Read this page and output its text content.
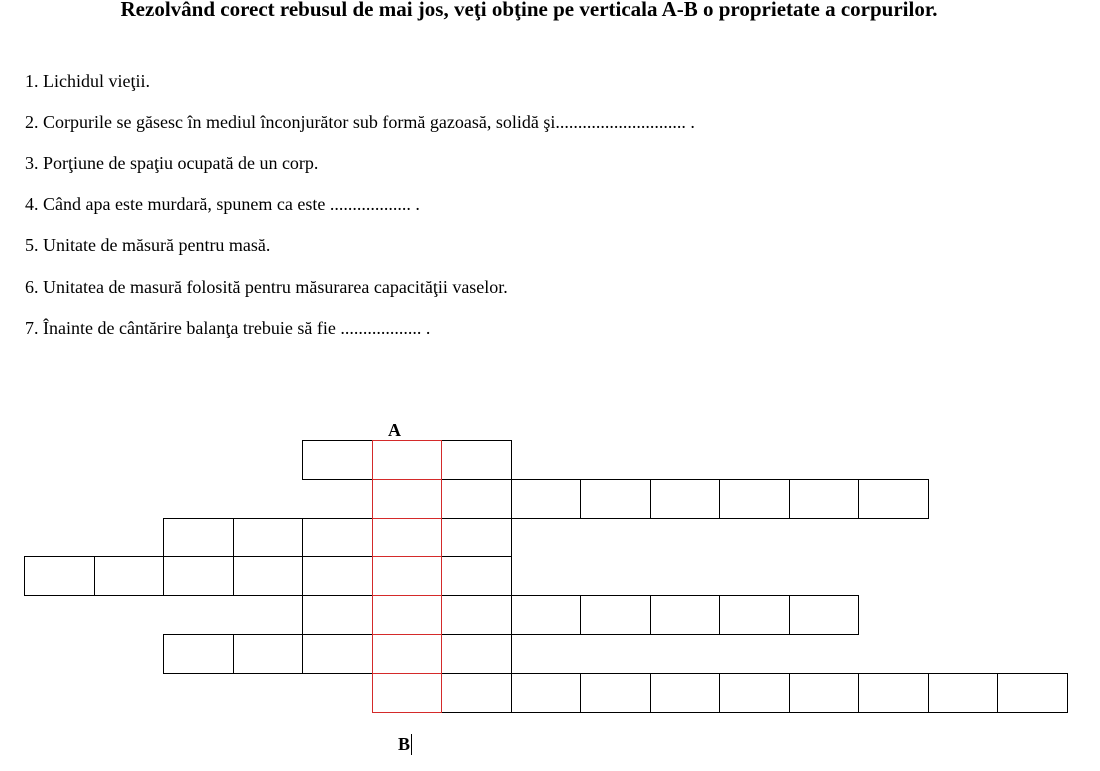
Rezolvând corect rebusul de mai jos, veţi obţine pe verticala A-B o proprietate a corpurilor.
1. Lichidul vieţii.
2. Corpurile se găsesc în mediul înconjurător sub formă gazoasă, solidă şi............................. .
3. Porţiune de spaţiu ocupată de un corp.
4. Când apa este murdară, spunem ca este .................. .
5. Unitate de măsură pentru masă.
6. Unitatea de masură folosită pentru măsurarea capacităţii vaselor.
7. Înainte de cântărire balanţa trebuie să fie .................. .
A
B
